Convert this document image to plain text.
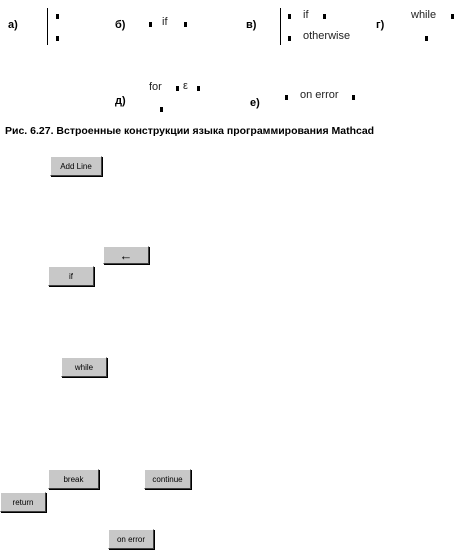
а)	б)	if	в)
if
otherwise
г)
while
д)
for ε
е)
on error
Рис. 6.27. Встроенные конструкции языка программирования Mathcad
Add Line
←
if
while
break	continue
return
on error
